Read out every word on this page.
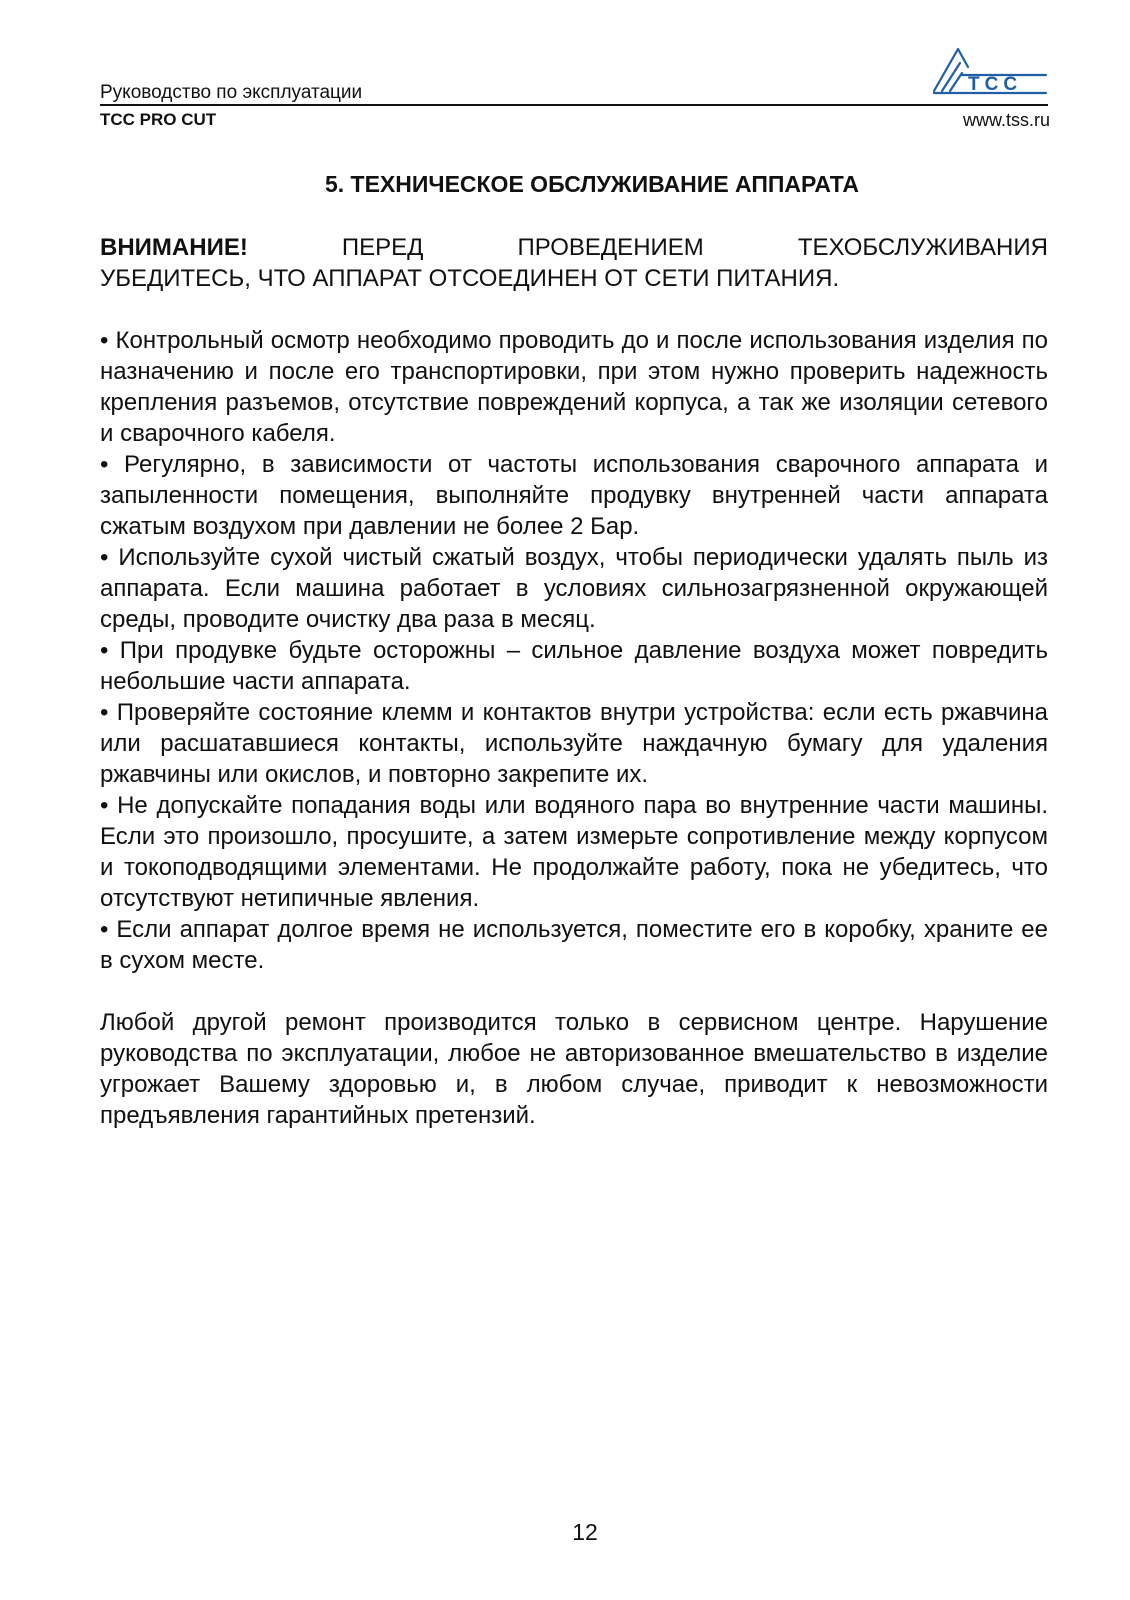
Руководство по эксплуатации
TCC PRO CUT	www.tss.ru
TCC
5. ТЕХНИЧЕСКОЕ ОБСЛУЖИВАНИЕ АППАРАТА
ВНИМАНИЕ!	ПЕРЕД	ПРОВЕДЕНИЕМ	ТЕХОБСЛУЖИВАНИЯ
УБЕДИТЕСЬ, ЧТО АППАРАТ ОТСОЕДИНЕН ОТ СЕТИ ПИТАНИЯ.

• Контрольный осмотр необходимо проводить до и после использования изделия по назначению и после его транспортировки, при этом нужно проверить надежность крепления разъемов, отсутствие повреждений корпуса, а так же изоляции сетевого и сварочного кабеля.

• Регулярно, в зависимости от частоты использования сварочного аппарата и запыленности помещения, выполняйте продувку внутренней части аппарата сжатым воздухом при давлении не более 2 Бар.

• Используйте сухой чистый сжатый воздух, чтобы периодически удалять пыль из аппарата. Если машина работает в условиях сильнозагрязненной окружающей среды, проводите очистку два раза в месяц.

• При продувке будьте осторожны – сильное давление воздуха может повредить небольшие части аппарата.

• Проверяйте состояние клемм и контактов внутри устройства: если есть ржавчина или расшатавшиеся контакты, используйте наждачную бумагу для удаления ржавчины или окислов, и повторно закрепите их.

• Не допускайте попадания воды или водяного пара во внутренние части машины. Если это произошло, просушите, а затем измерьте сопротивление между корпусом и токоподводящими элементами. Не продолжайте работу, пока не убедитесь, что отсутствуют нетипичные явления.

• Если аппарат долгое время не используется, поместите его в коробку, храните ее в сухом месте.

Любой другой ремонт производится только в сервисном центре. Нарушение руководства по эксплуатации, любое не авторизованное вмешательство в изделие угрожает Вашему здоровью и, в любом случае, приводит к невозможности предъявления гарантийных претензий.

12
